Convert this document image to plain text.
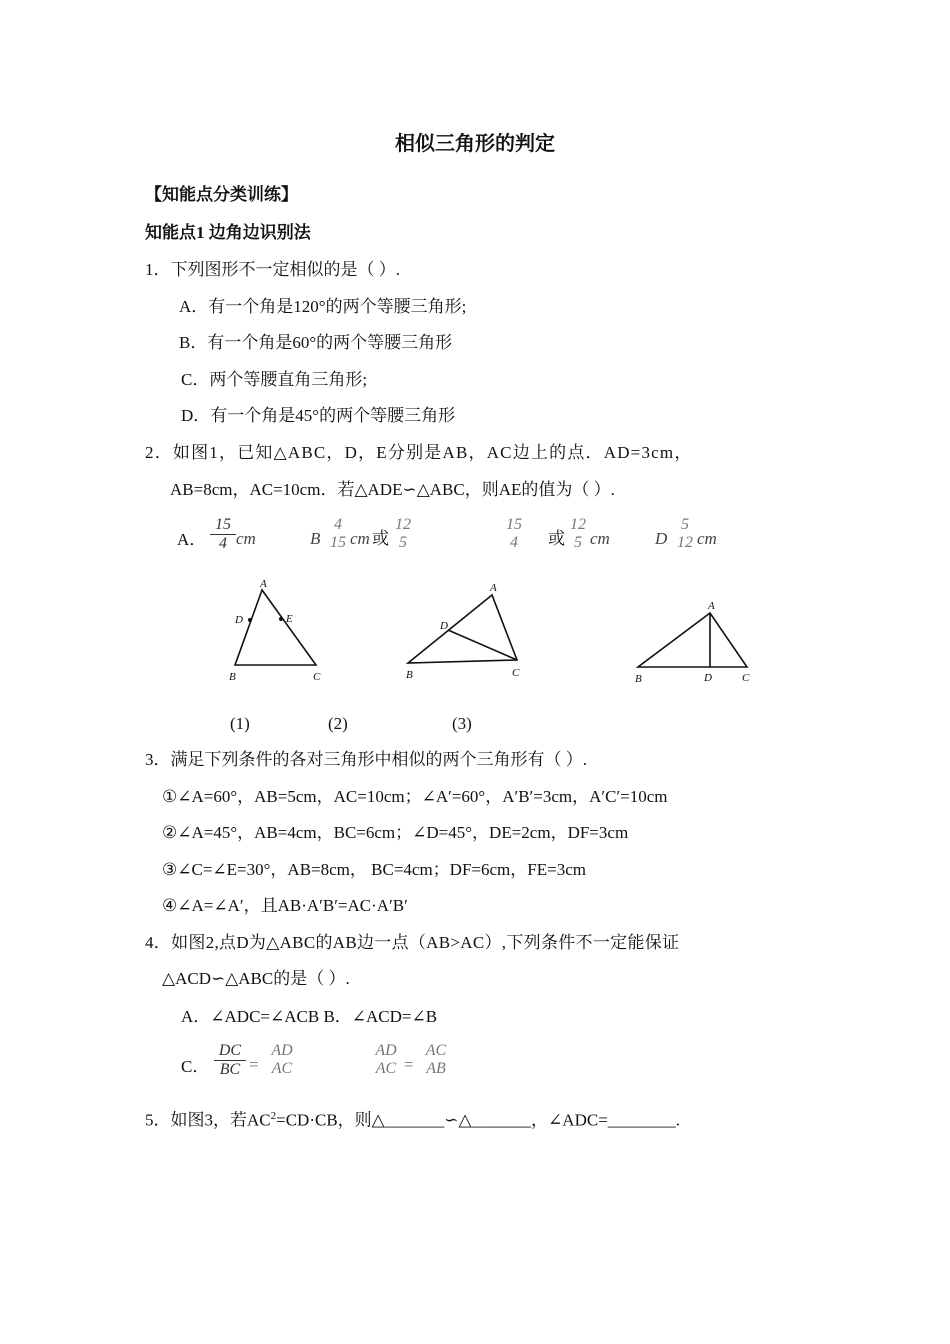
相似三角形的判定
【知能点分类训练】
知能点1 边角边识别法
1．下列图形不一定相似的是（ ）.
A．有一个角是120°的两个等腰三角形;
B．有一个角是60°的两个等腰三角形
C．两个等腰直角三角形;
D．有一个角是45°的两个等腰三角形
2．如图1，已知△ABC，D，E分别是AB，AC边上的点．AD=3cm，
AB=8cm，AC=10cm．若△ADE∽△ABC，则AE的值为（ ）.
A． $\frac{15}{4}$ cm	B
4
15 cm 或
12
5
15
4	或
12
5 cm	D
5
12 cm
A
D	E
B	C
A
D
B	C
A
B	D	C
(1)	(2)	(3)
3．满足下列条件的各对三角形中相似的两个三角形有（ ）.
①∠A=60°，AB=5cm，AC=10cm；∠A′=60°，A′B′=3cm，A′C′=10cm
②∠A=45°，AB=4cm，BC=6cm；∠D=45°，DE=2cm，DF=3cm
③∠C=∠E=30°，AB=8cm， BC=4cm；DF=6cm，FE=3cm
④∠A=∠A′，且AB·A′B′=AC·A′B′
4．如图2,点D为△ABC的AB边一点（AB>AC）,下列条件不一定能保证
△ACD∽△ABC的是（ ）.
A．∠ADC=∠ACB B．∠ACD=∠B
C． $\frac{DC}{BC}$ =
AD
AC
AD
AC =
AC
AB
5．如图3，若$AC^2=CD\cdot CB$，则△_______∽△_______，∠ADC=________.
